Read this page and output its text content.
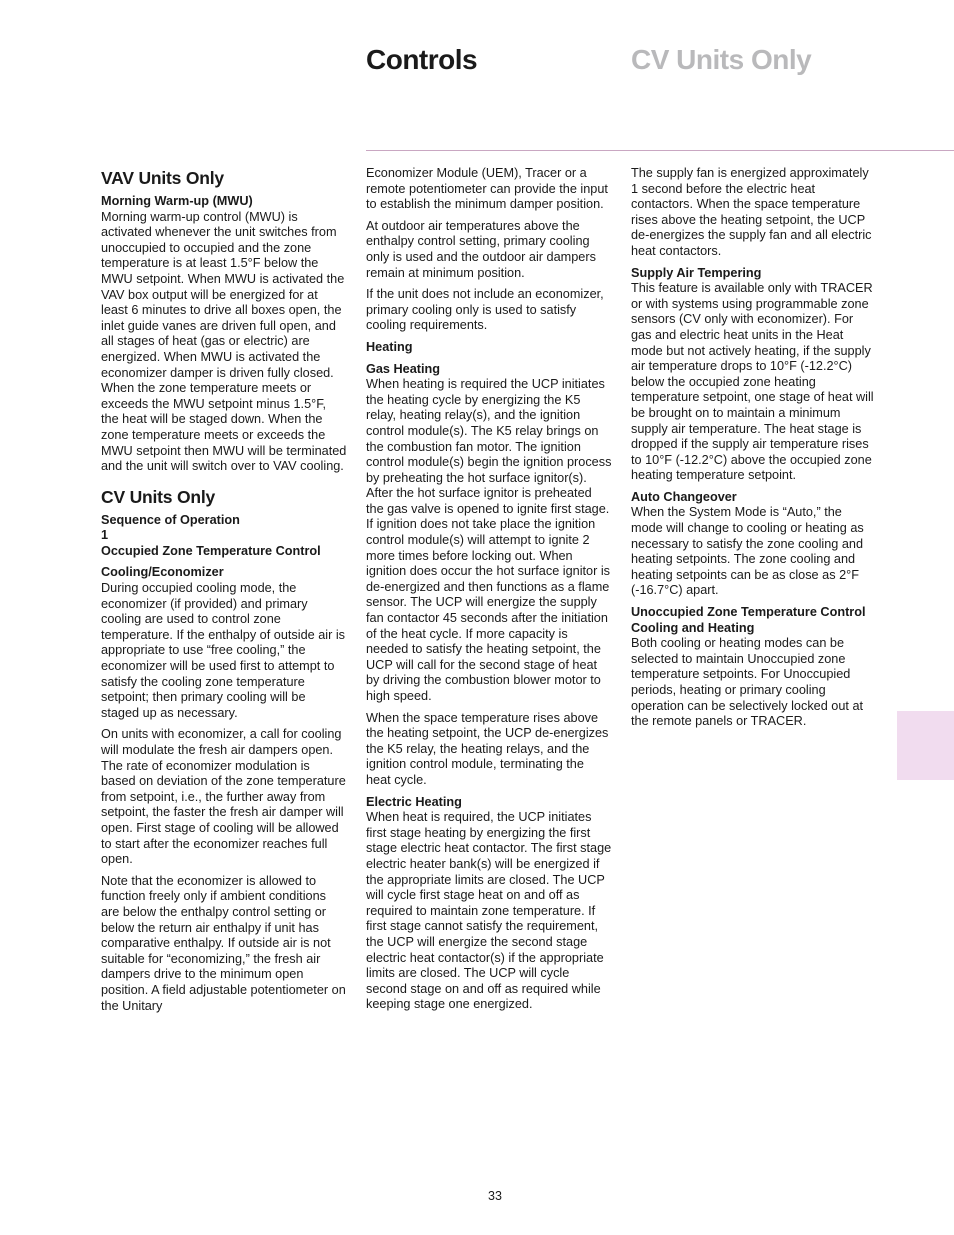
Controls	CV Units Only
VAV Units Only
Morning Warm-up (MWU)

Morning warm-up control (MWU) is activated whenever the unit switches from unoccupied to occupied and the zone temperature is at least 1.5°F below the MWU setpoint. When MWU is activated the VAV box output will be energized for at least 6 minutes to drive all boxes open, the inlet guide vanes are driven full open, and all stages of heat (gas or electric) are energized. When MWU is activated the economizer damper is driven fully closed. When the zone temperature meets or exceeds the MWU setpoint minus 1.5°F, the heat will be staged down. When the zone temperature meets or exceeds the MWU setpoint then MWU will be terminated and the unit will switch over to VAV cooling.

CV Units Only
Sequence of Operation
1
Occupied Zone Temperature Control
Cooling/Economizer

During occupied cooling mode, the economizer (if provided) and primary cooling are used to control zone temperature. If the enthalpy of outside air is appropriate to use “free cooling,” the economizer will be used first to attempt to satisfy the cooling zone temperature setpoint; then primary cooling will be staged up as necessary.

On units with economizer, a call for cooling will modulate the fresh air dampers open. The rate of economizer modulation is based on deviation of the zone temperature from setpoint, i.e., the further away from setpoint, the faster the fresh air damper will open. First stage of cooling will be allowed to start after the economizer reaches full open.

Note that the economizer is allowed to function freely only if ambient conditions are below the enthalpy control setting or below the return air enthalpy if unit has comparative enthalpy. If outside air is not suitable for “economizing,” the fresh air dampers drive to the minimum open position. A field adjustable potentiometer on the Unitary

Economizer Module (UEM), Tracer or a remote potentiometer can provide the input to establish the minimum damper position.

At outdoor air temperatures above the enthalpy control setting, primary cooling only is used and the outdoor air dampers remain at minimum position.

If the unit does not include an economizer, primary cooling only is used to satisfy cooling requirements.

Heating
Gas Heating

When heating is required the UCP initiates the heating cycle by energizing the K5 relay, heating relay(s), and the ignition control module(s). The K5 relay brings on the combustion fan motor. The ignition control module(s) begin the ignition process by preheating the hot surface ignitor(s). After the hot surface ignitor is preheated the gas valve is opened to ignite first stage. If ignition does not take place the ignition control module(s) will attempt to ignite 2 more times before locking out. When ignition does occur the hot surface ignitor is de-energized and then functions as a flame sensor. The UCP will energize the supply fan contactor 45 seconds after the initiation of the heat cycle. If more capacity is needed to satisfy the heating setpoint, the UCP will call for the second stage of heat by driving the combustion blower motor to high speed.

When the space temperature rises above the heating setpoint, the UCP de-energizes the K5 relay, the heating relays, and the ignition control module, terminating the heat cycle.

Electric Heating

When heat is required, the UCP initiates first stage heating by energizing the first stage electric heat contactor. The first stage electric heater bank(s) will be energized if the appropriate limits are closed. The UCP will cycle first stage heat on and off as required to maintain zone temperature. If first stage cannot satisfy the requirement, the UCP will energize the second stage electric heat contactor(s) if the appropriate limits are closed. The UCP will cycle second stage on and off as required while keeping stage one energized.

The supply fan is energized approximately 1 second before the electric heat contactors. When the space temperature rises above the heating setpoint, the UCP de-energizes the supply fan and all electric heat contactors.

Supply Air Tempering

This feature is available only with TRACER or with systems using programmable zone sensors (CV only with economizer). For gas and electric heat units in the Heat mode but not actively heating, if the supply air temperature drops to 10°F (-12.2°C) below the occupied zone heating temperature setpoint, one stage of heat will be brought on to maintain a minimum supply air temperature. The heat stage is dropped if the supply air temperature rises to 10°F (-12.2°C) above the occupied zone heating temperature setpoint.

Auto Changeover

When the System Mode is “Auto,” the mode will change to cooling or heating as necessary to satisfy the zone cooling and heating setpoints. The zone cooling and heating setpoints can be as close as 2°F (-16.7°C) apart.

Unoccupied Zone Temperature Control
Cooling and Heating

Both cooling or heating modes can be selected to maintain Unoccupied zone temperature setpoints. For Unoccupied periods, heating or primary cooling operation can be selectively locked out at the remote panels or TRACER.

33
